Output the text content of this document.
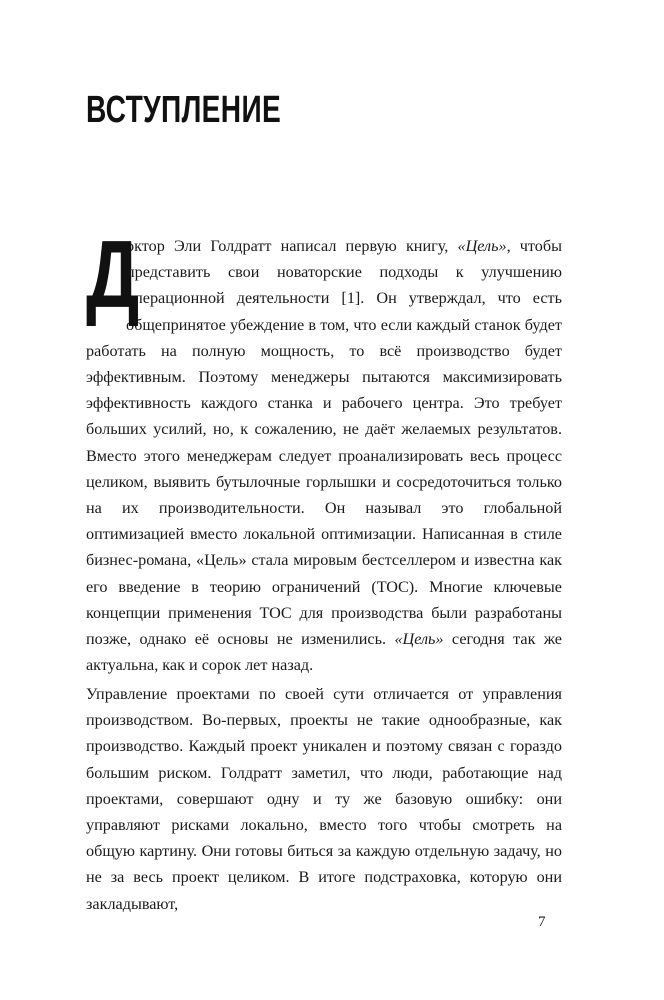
ВСТУПЛЕНИЕ

Д
октор Эли Голдратт написал первую книгу, «Цель», чтобы представить свои новаторские подходы к улучшению операционной деятельности [1]. Он утверждал, что есть общепринятое убеждение в том, что если каждый станок будет работать на полную мощность, то всё производство будет эффективным. Поэтому менеджеры пытаются максимизировать эффективность каждого станка и рабочего центра. Это требует больших усилий, но, к сожалению, не даёт желаемых результатов. Вместо этого менеджерам следует проанализировать весь процесс целиком, выявить бутылочные горлышки и сосредоточиться только на их производительности. Он называл это глобальной оптимизацией вместо локальной оптимизации. Написанная в стиле бизнес-романа, «Цель» стала мировым бестселлером и известна как его введение в теорию ограничений (TOC). Многие ключевые концепции применения TOC для производства были разработаны позже, однако её основы не изменились. «Цель» сегодня так же актуальна, как и сорок лет назад.

Управление проектами по своей сути отличается от управления производством. Во-первых, проекты не такие однообразные, как производство. Каждый проект уникален и поэтому связан с гораздо большим риском. Голдратт заметил, что люди, работающие над проектами, совершают одну и ту же базовую ошибку: они управляют рисками локально, вместо того чтобы смотреть на общую картину. Они готовы биться за каждую отдельную задачу, но не за весь проект целиком. В итоге подстраховка, которую они закладывают,

7
